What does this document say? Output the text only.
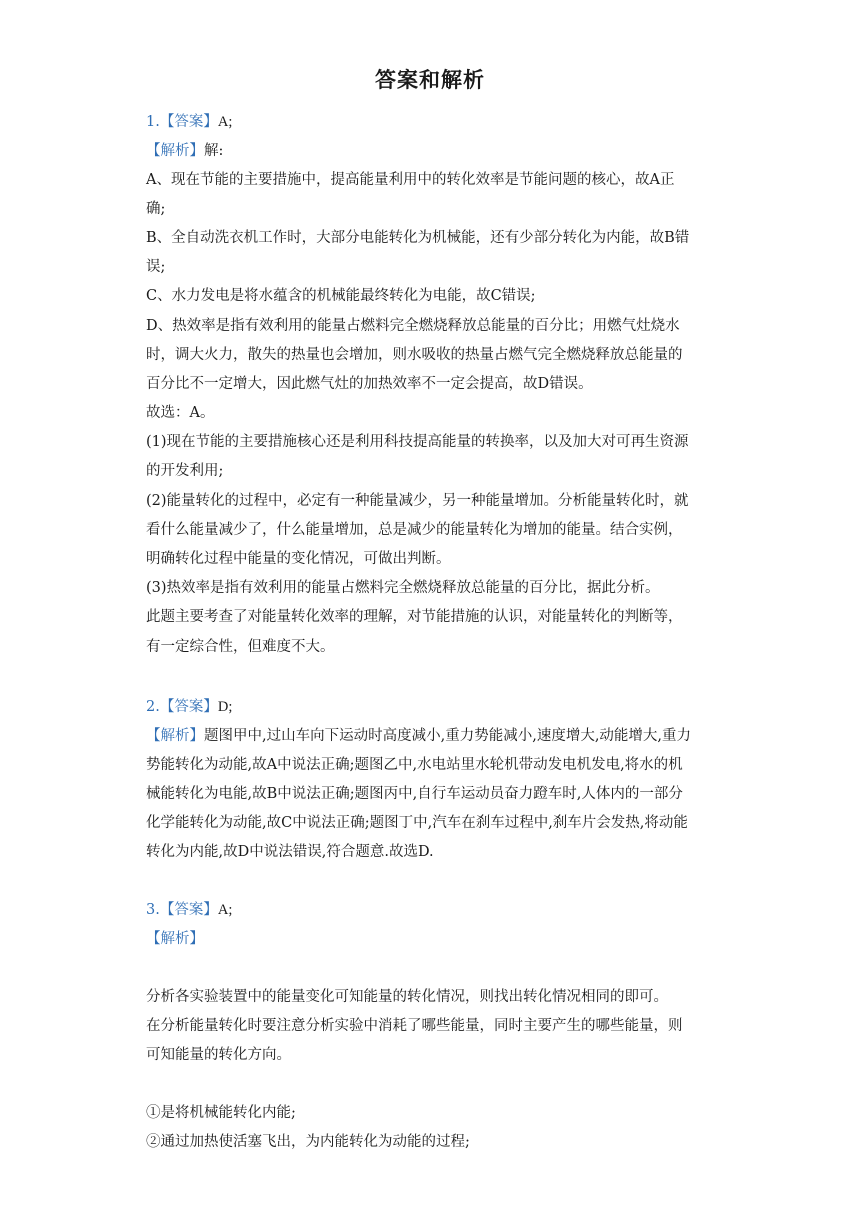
答案和解析
1.【答案】A;
【解析】解:
A、现在节能的主要措施中，提高能量利用中的转化效率是节能问题的核心，故A正
确;
B、全自动洗衣机工作时，大部分电能转化为机械能，还有少部分转化为内能，故B错
误;
C、水力发电是将水蕴含的机械能最终转化为电能，故C错误;
D、热效率是指有效利用的能量占燃料完全燃烧释放总能量的百分比；用燃气灶烧水
时，调大火力，散失的热量也会增加，则水吸收的热量占燃气完全燃烧释放总能量的
百分比不一定增大，因此燃气灶的加热效率不一定会提高，故D错误。
故选：A。
(1)现在节能的主要措施核心还是利用科技提高能量的转换率，以及加大对可再生资源
的开发利用;
(2)能量转化的过程中，必定有一种能量减少，另一种能量增加。分析能量转化时，就
看什么能量减少了，什么能量增加，总是减少的能量转化为增加的能量。结合实例，
明确转化过程中能量的变化情况，可做出判断。
(3)热效率是指有效利用的能量占燃料完全燃烧释放总能量的百分比，据此分析。
此题主要考查了对能量转化效率的理解，对节能措施的认识，对能量转化的判断等，
有一定综合性，但难度不大。
2.【答案】D;
【解析】题图甲中,过山车向下运动时高度减小,重力势能减小,速度增大,动能增大,重力
势能转化为动能,故A中说法正确;题图乙中,水电站里水轮机带动发电机发电,将水的机
械能转化为电能,故B中说法正确;题图丙中,自行车运动员奋力蹬车时,人体内的一部分
化学能转化为动能,故C中说法正确;题图丁中,汽车在刹车过程中,刹车片会发热,将动能
转化为内能,故D中说法错误,符合题意.故选D.
3.【答案】A;
【解析】
分析各实验装置中的能量变化可知能量的转化情况，则找出转化情况相同的即可。
在分析能量转化时要注意分析实验中消耗了哪些能量，同时主要产生的哪些能量，则
可知能量的转化方向。
①是将机械能转化内能;
②通过加热使活塞飞出，为内能转化为动能的过程;
